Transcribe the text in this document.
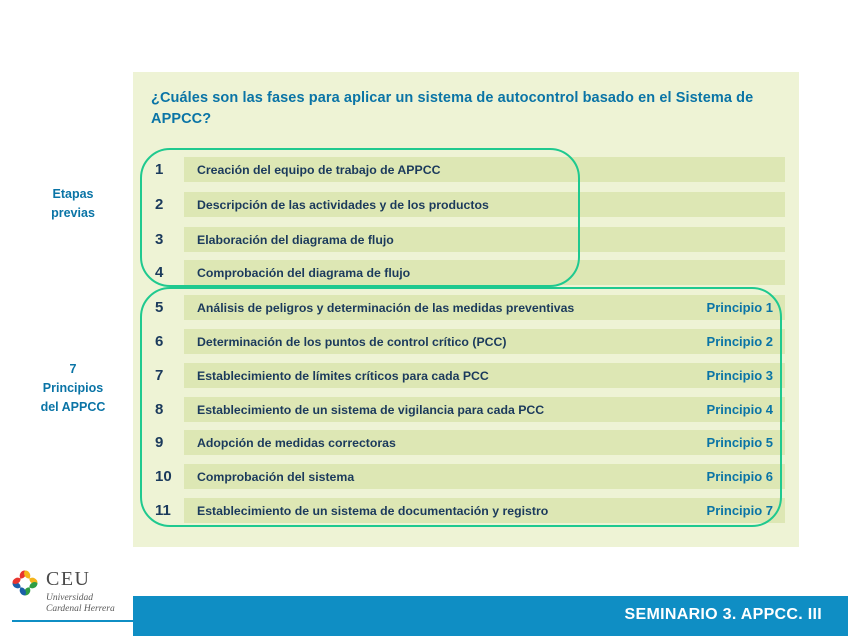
¿Cuáles son las fases para aplicar un sistema de autocontrol basado en el Sistema de APPCC?
1	Creación del equipo de trabajo de APPCC
2	Descripción de las actividades y de los productos
3	Elaboración del diagrama de flujo
4	Comprobación del diagrama de flujo
5	Análisis de peligros y determinación de las medidas preventivas	Principio 1
6	Determinación de los puntos de control crítico (PCC)	Principio 2
7	Establecimiento de límites críticos para cada PCC	Principio 3
8	Establecimiento de un sistema de vigilancia para cada PCC	Principio 4
9	Adopción de medidas correctoras	Principio 5
10	Comprobación del sistema	Principio 6
11	Establecimiento de un sistema de documentación y registro	Principio 7
Etapas
previas
7
Principios
del APPCC
SEMINARIO 3. APPCC. III
CEU
Universidad
Cardenal Herrera
